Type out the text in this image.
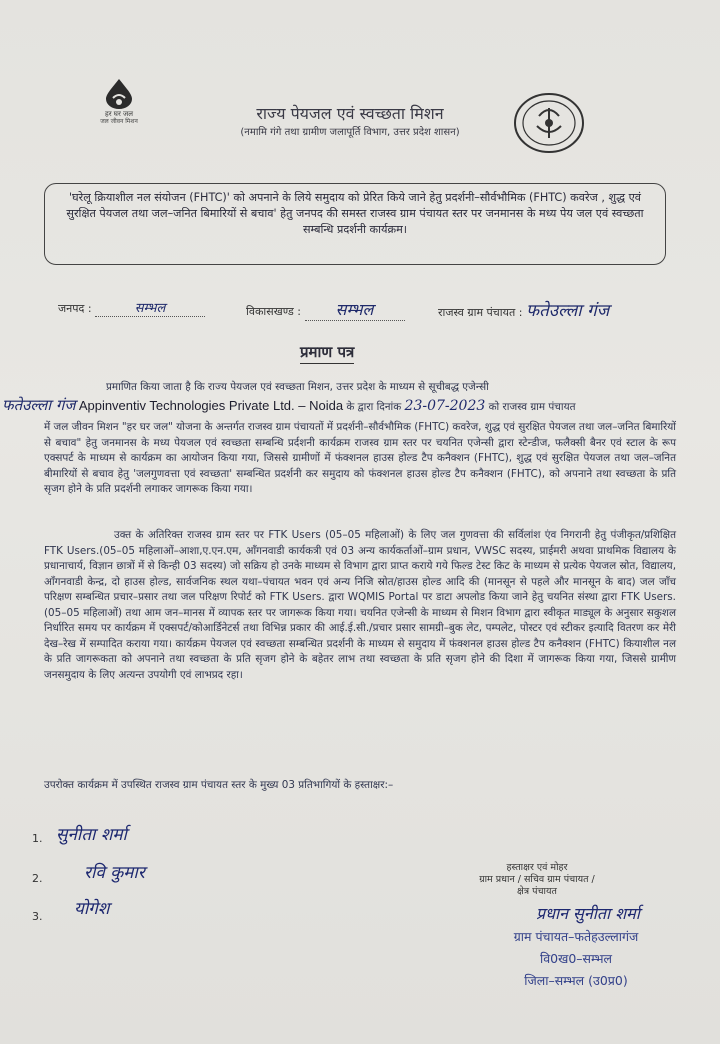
हर घर जल
जल जीवन मिशन	राज्य पेयजल एवं स्वच्छता मिशन
(नमामि गंगे तथा ग्रामीण जलापूर्ति विभाग, उत्तर प्रदेश शासन)
'घरेलू क्रियाशील नल संयोजन (FHTC)' को अपनाने के लिये समुदाय को प्रेरित किये जाने हेतु प्रदर्शनी–सौर्वभौमिक (FHTC) कवरेज , शुद्ध एवं सुरक्षित पेयजल तथा जल–जनित बिमारियों से बचाव' हेतु जनपद की समस्त राजस्व ग्राम पंचायत स्तर पर जनमानस के मध्य पेय जल एवं स्वच्छता सम्बन्धि प्रदर्शनी कार्यक्रम।
जनपद :	सम्भल	विकासखण्ड : सम्भल	राजस्व ग्राम पंचायत : फतेउल्ला गंज
प्रमाण पत्र
प्रमाणित किया जाता है कि राज्य पेयजल एवं स्वच्छता मिशन, उत्तर प्रदेश के माध्यम से सूचीबद्ध एजेन्सी
फतेउल्ला गंज Appinventiv Technologies Private Ltd. – Noida के द्वारा दिनांक 23-07-2023 को राजस्व ग्राम पंचायत
में जल जीवन मिशन "हर घर जल" योजना के अन्तर्गत राजस्व ग्राम पंचायतों में प्रदर्शनी–सौर्वभौमिक (FHTC) कवरेज, शुद्ध एवं सुरक्षित पेयजल तथा जल–जनित बिमारियों से बचाव" हेतु जनमानस के मध्य पेयजल एवं स्वच्छता सम्बन्धि प्रर्दशनी कार्यक्रम राजस्व ग्राम स्तर पर चयनित एजेन्सी द्वारा स्टेन्डीज, फलैक्सी बैनर एवं स्टाल के रूप एक्सपर्ट के माध्यम से कार्यक्रम का आयोजन किया गया, जिससे ग्रामीणों में फंक्शनल हाउस होल्ड टैप कनैक्शन (FHTC), शुद्ध एवं सुरक्षित पेयजल तथा जल–जनित बीमारियों से बचाव हेतु 'जलगुणवत्ता एवं स्वच्छता' सम्बन्धित प्रदर्शनी कर समुदाय को फंक्शनल हाउस होल्ड टैप कनैक्शन (FHTC), को अपनाने तथा स्वच्छता के प्रति सृजग होने के प्रति प्रदर्शनी लगाकर जागरूक किया गया।
उक्त के अतिरिक्त राजस्व ग्राम स्तर पर FTK Users (05–05 महिलाओं) के लिए जल गुणवत्ता की सर्विलांश एंव निगरानी हेतु पंजीकृत/प्रशिक्षित FTK Users.(05–05 महिलाओं–आशा,ए.एन.एम, आँगनवाडी कार्यकत्री एवं 03 अन्य कार्यकर्ताओं–ग्राम प्रधान, VWSC सदस्य, प्राईमरी अथवा प्राथमिक विद्यालय के प्रधानाचार्य, विज्ञान छात्रों में से किन्ही 03 सदस्य) जो सक्रिय हो उनके माध्यम से विभाग द्वारा प्राप्त कराये गये फिल्ड टेस्ट किट के माध्यम से प्रत्येक पेयजल स्रोत, विद्यालय, आँगनवाडी केन्द्र, दो हाउस होल्ड, सार्वजनिक स्थल यथा–पंचायत भवन एवं अन्य निजि स्रोत/हाउस होल्ड आदि की (मानसून से पहले और मानसून के बाद) जल जाँच परिक्षण सम्बन्धित प्रचार–प्रसार तथा जल परिक्षण रिपोर्ट को FTK Users. द्वारा WQMIS Portal पर डाटा अपलोड किया जाने हेतु चयनित संस्था द्वारा FTK Users.(05–05 महिलाओं) तथा आम जन–मानस में व्यापक स्तर पर जागरूक किया गया। चयनित एजेन्सी के माध्यम से मिशन विभाग द्वारा स्वीकृत माड्यूल के अनुसार सकुशल निर्धारित समय पर कार्यक्रम में एक्सपर्ट/कोआर्डिनेटर्स तथा विभिन्न प्रकार की आई.ई.सी./प्रचार प्रसार सामग्री–बुक लेट, पम्पलेट, पोस्टर एवं स्टीकर इत्यादि वितरण कर मेरी देख–रेख में सम्पादित कराया गया। कार्यक्रम पेयजल एवं स्वच्छता सम्बन्धित प्रदर्शनी के माध्यम से समुदाय में फंक्शनल हाउस होल्ड टैप कनैक्शन (FHTC) कियाशील नल के प्रति जागरूकता को अपनाने तथा स्वच्छता के प्रति सृजग होने के बहेतर लाभ तथा स्वच्छता के प्रति सृजग होने की दिशा में जागरूक किया गया, जिससे ग्रामीण जनसमुदाय के लिए अत्यन्त उपयोगी एवं लाभप्रद रहा।
उपरोक्त कार्यक्रम में उपस्थित राजस्व ग्राम पंचायत स्तर के मुख्य 03 प्रतिभागियों के हस्ताक्षर:–
1. सुनीता शर्मा
2. रवि कुमार
3. योगेश
हस्ताक्षर एवं मोहर
ग्राम प्रधान / सचिव ग्राम पंचायत /
क्षेत्र पंचायत
प्रधान सुनीता शर्मा
ग्राम पंचायत–फतेहउल्लागंज
वि0ख0–सम्भल
जिला–सम्भल (उ0प्र0)
